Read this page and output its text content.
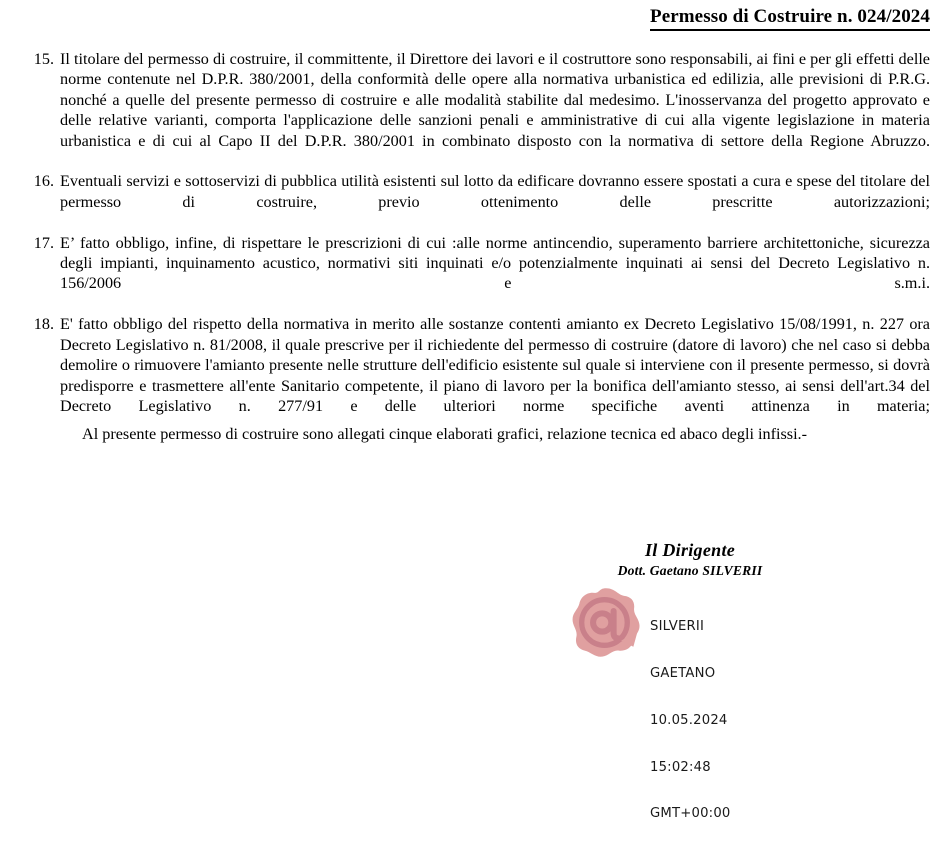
Permesso di Costruire n. 024/2024
15. Il titolare del permesso di costruire, il committente, il Direttore dei lavori e il costruttore sono responsabili, ai fini e per gli effetti delle norme contenute nel D.P.R. 380/2001, della conformità delle opere alla normativa urbanistica ed edilizia, alle previsioni di P.R.G. nonché a quelle del presente permesso di costruire e alle modalità stabilite dal medesimo. L'inosservanza del progetto approvato e delle relative varianti, comporta l'applicazione delle sanzioni penali e amministrative di cui alla vigente legislazione in materia urbanistica e di cui al Capo II del D.P.R. 380/2001 in combinato disposto con la normativa di settore della Regione Abruzzo.
16. Eventuali servizi e sottoservizi di pubblica utilità esistenti sul lotto da edificare dovranno essere spostati a cura e spese del titolare del permesso di costruire, previo ottenimento delle prescritte autorizzazioni;
17. E’ fatto obbligo, infine, di rispettare le prescrizioni di cui :alle norme antincendio, superamento barriere architettoniche, sicurezza degli impianti, inquinamento acustico, normativi siti inquinati e/o potenzialmente inquinati ai sensi del Decreto Legislativo n. 156/2006 e s.m.i.
18. E' fatto obbligo del rispetto della normativa in merito alle sostanze contenti amianto ex Decreto Legislativo 15/08/1991, n. 227 ora Decreto Legislativo n. 81/2008, il quale prescrive per il richiedente del permesso di costruire (datore di lavoro) che nel caso si debba demolire o rimuovere l'amianto presente nelle strutture dell'edificio esistente sul quale si interviene con il presente permesso, si dovrà predisporre e trasmettere all'ente Sanitario competente, il piano di lavoro per la bonifica dell'amianto stesso, ai sensi dell'art.34 del Decreto Legislativo n. 277/91 e delle ulteriori norme specifiche aventi attinenza in materia;
Al presente permesso di costruire sono allegati cinque elaborati grafici, relazione tecnica ed abaco degli infissi.-
Il Dirigente
Dott. Gaetano SILVERII

SILVERII

GAETANO

10.05.2024

15:02:48

GMT+00:00
